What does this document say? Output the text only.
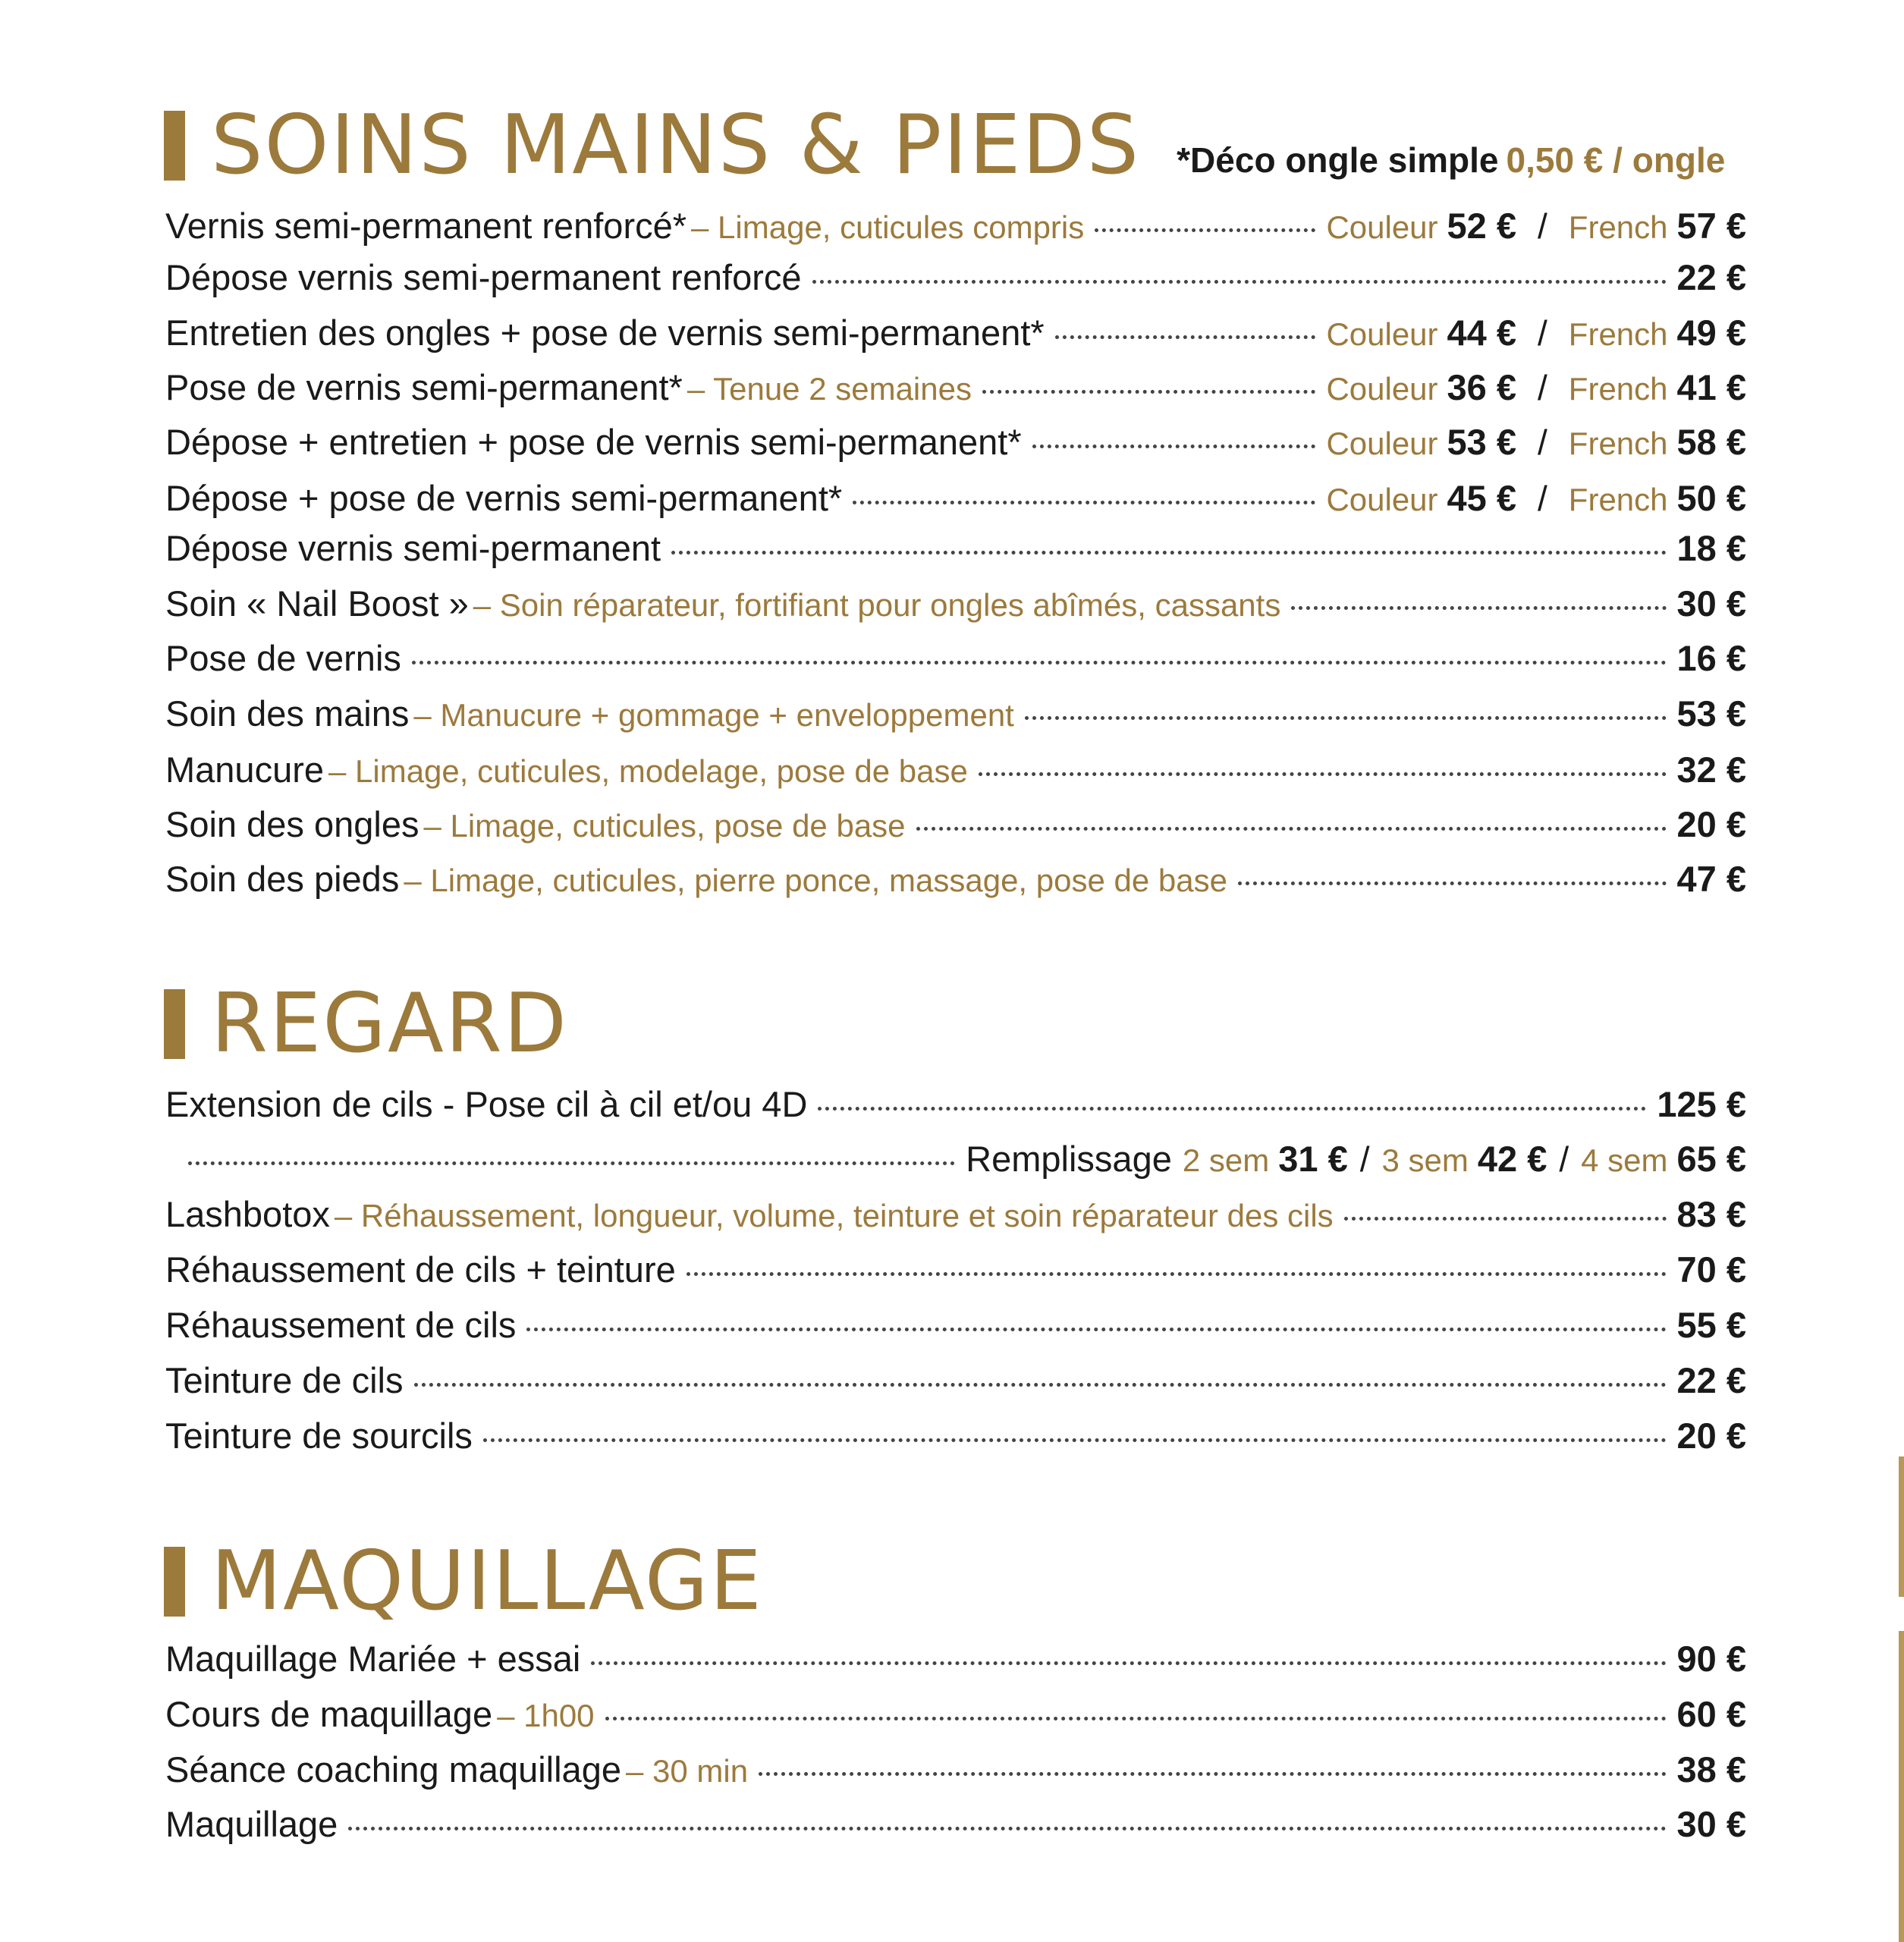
SOINS MAINS & PIEDS *Déco ongle simple 0,50 € / ongle
Vernis semi-permanent renforcé* – Limage, cuticules compris	Couleur 52 € / French 57 €
Dépose vernis semi-permanent renforcé	22 €
Entretien des ongles + pose de vernis semi-permanent*	Couleur 44 € / French 49 €
Pose de vernis semi-permanent* – Tenue 2 semaines	Couleur 36 € / French 41 €
Dépose + entretien + pose de vernis semi-permanent*	Couleur 53 € / French 58 €
Dépose + pose de vernis semi-permanent*	Couleur 45 € / French 50 €
Dépose vernis semi-permanent	18 €
Soin « Nail Boost » – Soin réparateur, fortifiant pour ongles abîmés, cassants	30 €
Pose de vernis	16 €
Soin des mains – Manucure + gommage + enveloppement	53 €
Manucure – Limage, cuticules, modelage, pose de base	32 €
Soin des ongles – Limage, cuticules, pose de base	20 €
Soin des pieds – Limage, cuticules, pierre ponce, massage, pose de base	47 €
REGARD
Extension de cils - Pose cil à cil et/ou 4D	125 €
Remplissage 2 sem 31 € / 3 sem 42 € / 4 sem 65 €
Lashbotox – Réhaussement, longueur, volume, teinture et soin réparateur des cils	83 €
Réhaussement de cils + teinture	70 €
Réhaussement de cils	55 €
Teinture de cils	22 €
Teinture de sourcils	20 €
MAQUILLAGE
Maquillage Mariée + essai	90 €
Cours de maquillage – 1h00	60 €
Séance coaching maquillage – 30 min	38 €
Maquillage	30 €
